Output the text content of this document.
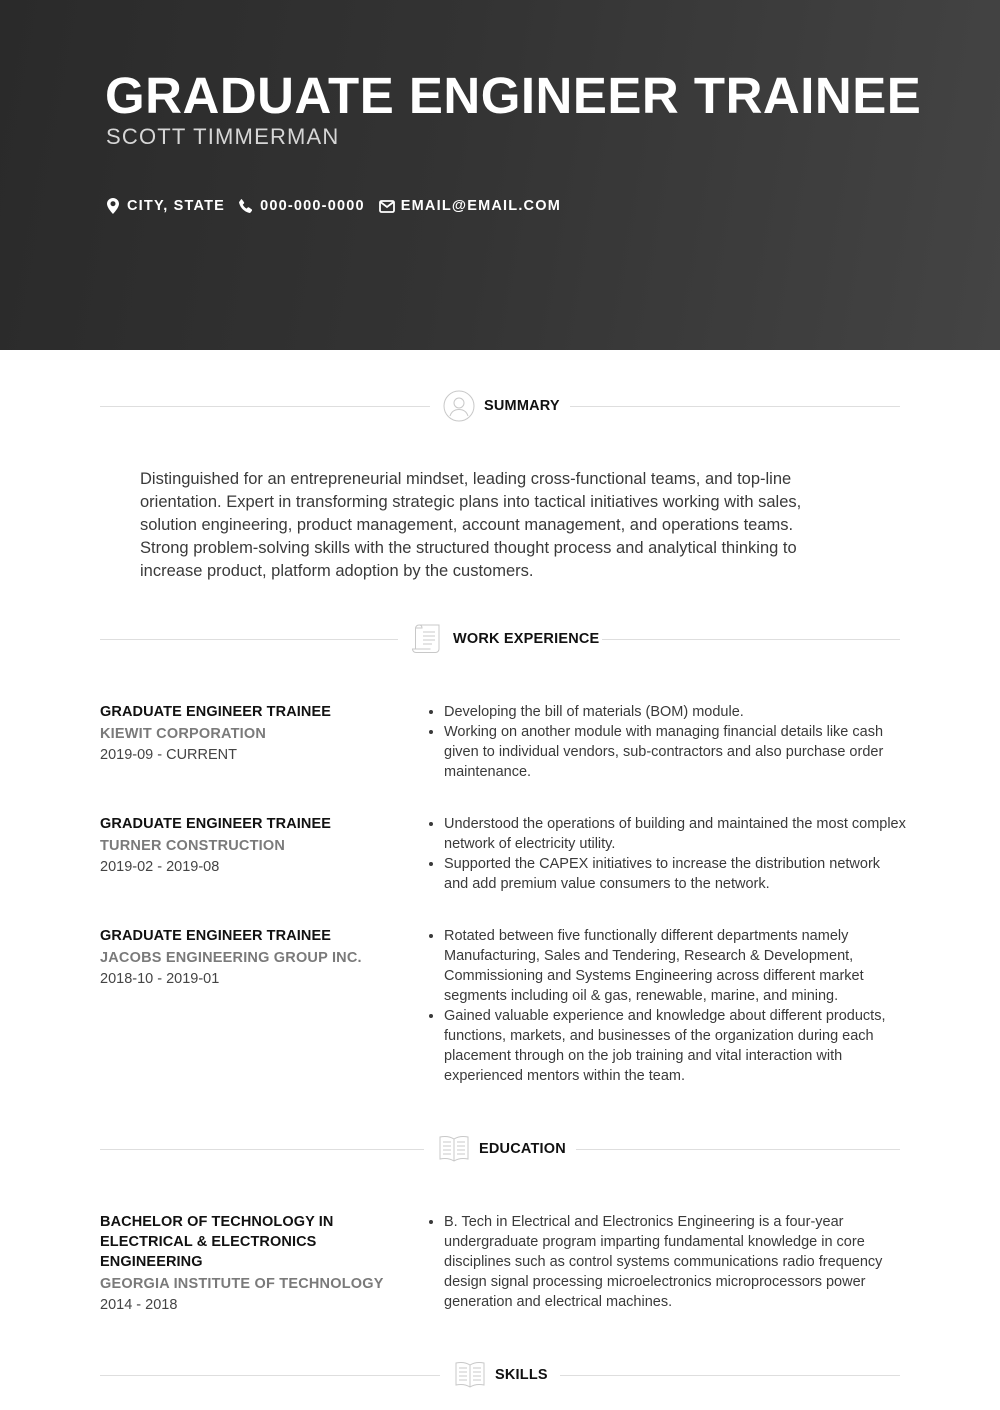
GRADUATE ENGINEER TRAINEE
SCOTT TIMMERMAN
CITY, STATE 000-000-0000 EMAIL@EMAIL.COM
SUMMARY

Distinguished for an entrepreneurial mindset, leading cross-functional teams, and top-line orientation. Expert in transforming strategic plans into tactical initiatives working with sales, solution engineering, product management, account management, and operations teams. Strong problem-solving skills with the structured thought process and analytical thinking to increase product, platform adoption by the customers.

WORK EXPERIENCE
GRADUATE ENGINEER TRAINEE
KIEWIT CORPORATION
2019-09 - CURRENT
• Developing the bill of materials (BOM) module.
• Working on another module with managing financial details like cash given to individual vendors, sub-contractors and also purchase order maintenance.
GRADUATE ENGINEER TRAINEE
TURNER CONSTRUCTION
2019-02 - 2019-08
• Understood the operations of building and maintained the most complex network of electricity utility.
• Supported the CAPEX initiatives to increase the distribution network and add premium value consumers to the network.
GRADUATE ENGINEER TRAINEE
JACOBS ENGINEERING GROUP INC.
2018-10 - 2019-01
• Rotated between five functionally different departments namely Manufacturing, Sales and Tendering, Research & Development, Commissioning and Systems Engineering across different market segments including oil & gas, renewable, marine, and mining.
• Gained valuable experience and knowledge about different products, functions, markets, and businesses of the organization during each placement through on the job training and vital interaction with experienced mentors within the team.
EDUCATION
BACHELOR OF TECHNOLOGY IN ELECTRICAL & ELECTRONICS ENGINEERING
GEORGIA INSTITUTE OF TECHNOLOGY
2014 - 2018
• B. Tech in Electrical and Electronics Engineering is a four-year undergraduate program imparting fundamental knowledge in core disciplines such as control systems communications radio frequency design signal processing microelectronics microprocessors power generation and electrical machines.
SKILLS
